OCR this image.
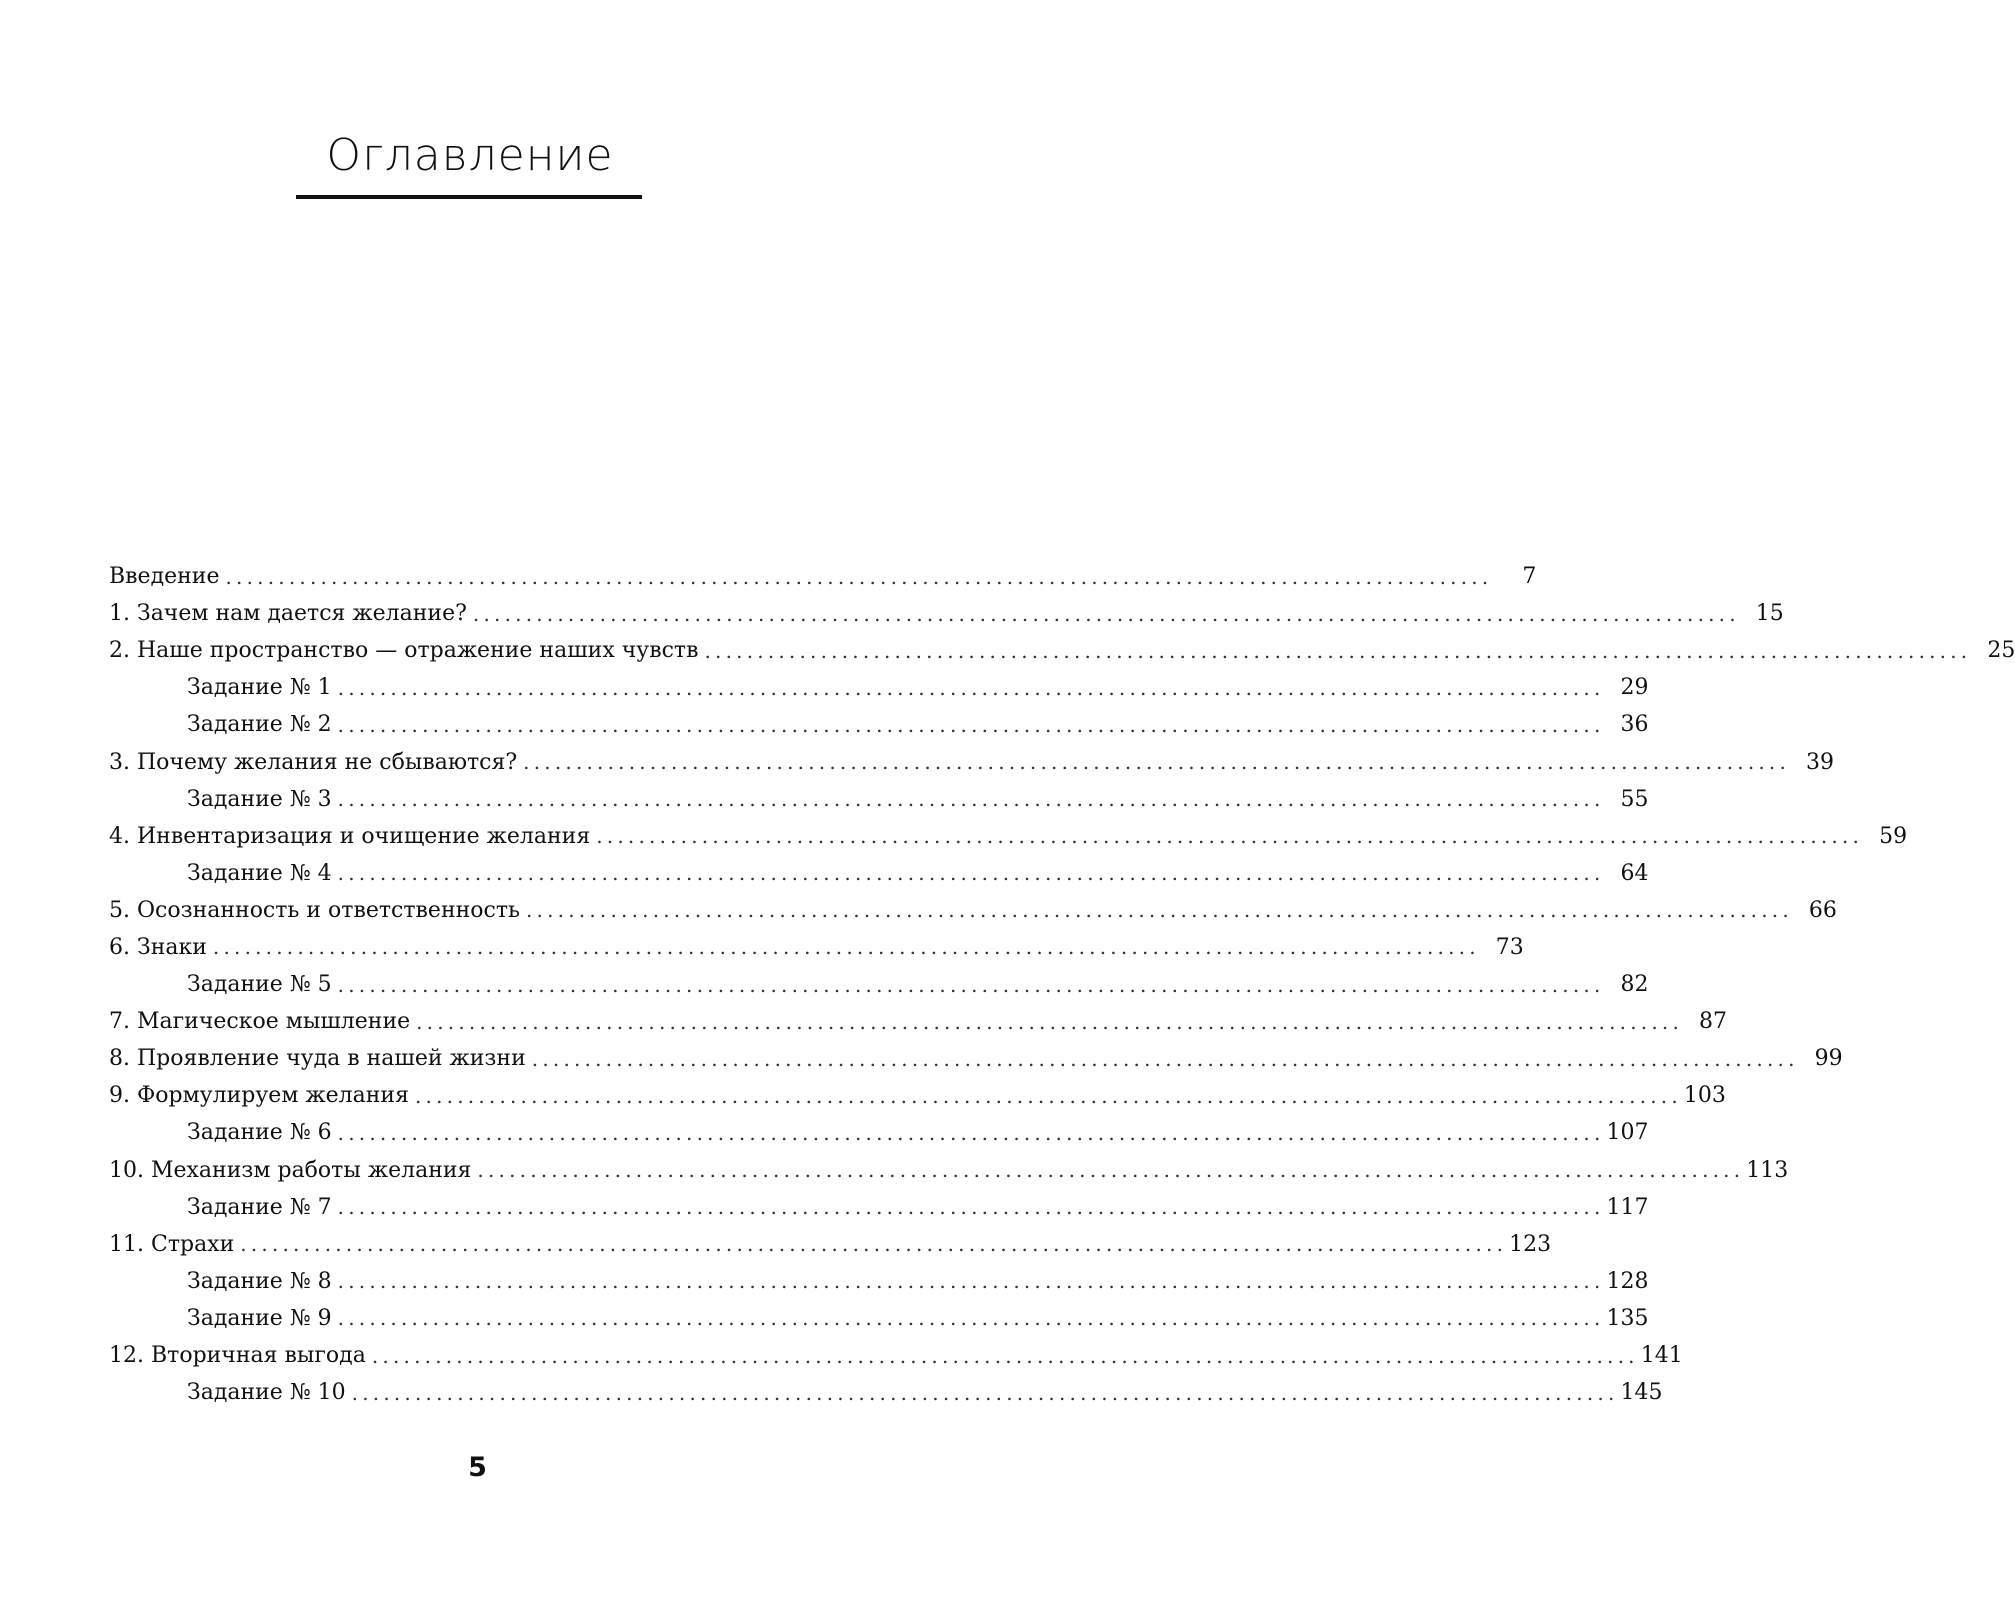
Оглавление
Введение ........................................................................................................................	7
1. Зачем нам дается желание? ........................................................................................................................ 15
2. Наше пространство — отражение наших чувств ........................................................................................................................ 25
Задание № 1 ........................................................................................................................ 29
Задание № 2 ........................................................................................................................ 36
3. Почему желания не сбываются? ........................................................................................................................ 39
Задание № 3 ........................................................................................................................ 55
4. Инвентаризация и очищение желания ........................................................................................................................ 59
Задание № 4 ........................................................................................................................ 64
5. Осознанность и ответственность ........................................................................................................................ 66
6. Знаки ........................................................................................................................ 73
Задание № 5 ........................................................................................................................ 82
7. Магическое мышление ........................................................................................................................ 87
8. Проявление чуда в нашей жизни ........................................................................................................................ 99
9. Формулируем желания ........................................................................................................................ 103
Задание № 6 ........................................................................................................................ 107
10. Механизм работы желания ........................................................................................................................ 113
Задание № 7 ........................................................................................................................ 117
11. Страхи ........................................................................................................................ 123
Задание № 8 ........................................................................................................................ 128
Задание № 9 ........................................................................................................................ 135
12. Вторичная выгода ........................................................................................................................ 141
Задание № 10 ........................................................................................................................ 145
5
